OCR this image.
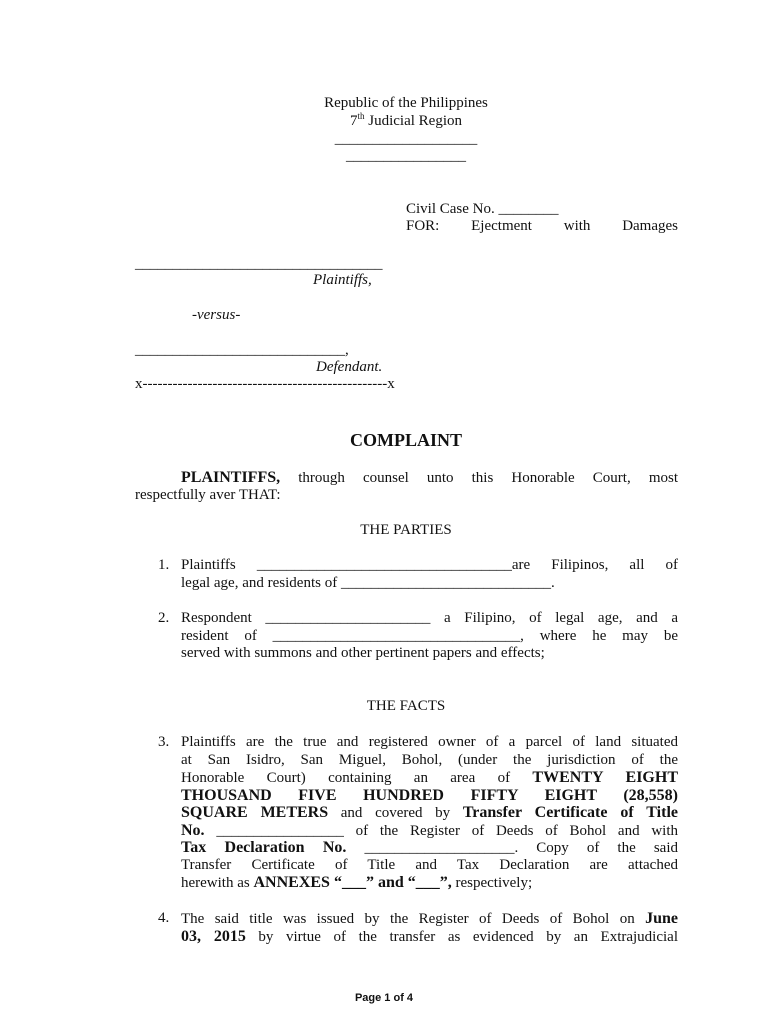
Republic of the Philippines
7th Judicial Region
___________________
________________
Civil Case No. ________
FOR: Ejectment with Damages
_________________________________
Plaintiffs,
-versus-
____________________________,
Defendant.
x-------------------------------------------------x
COMPLAINT
PLAINTIFFS, through counsel unto this Honorable Court, most
respectfully aver THAT:
THE PARTIES
1. Plaintiffs __________________________________are Filipinos, all of
legal age, and residents of ____________________________.
2. Respondent ______________________ a Filipino, of legal age, and a
resident of _________________________________, where he may be
served with summons and other pertinent papers and effects;
THE FACTS
3. Plaintiffs are the true and registered owner of a parcel of land situated
at San Isidro, San Miguel, Bohol, (under the jurisdiction of the
Honorable Court) containing an area of TWENTY EIGHT
THOUSAND FIVE HUNDRED FIFTY EIGHT (28,558)
SQUARE METERS and covered by Transfer Certificate of Title
No. _________________ of the Register of Deeds of Bohol and with
Tax Declaration No. ____________________. Copy of the said
Transfer Certificate of Title and Tax Declaration are attached
herewith as ANNEXES “___” and “___”, respectively;
4. The said title was issued by the Register of Deeds of Bohol on June
03, 2015 by virtue of the transfer as evidenced by an Extrajudicial
Page 1 of 4
